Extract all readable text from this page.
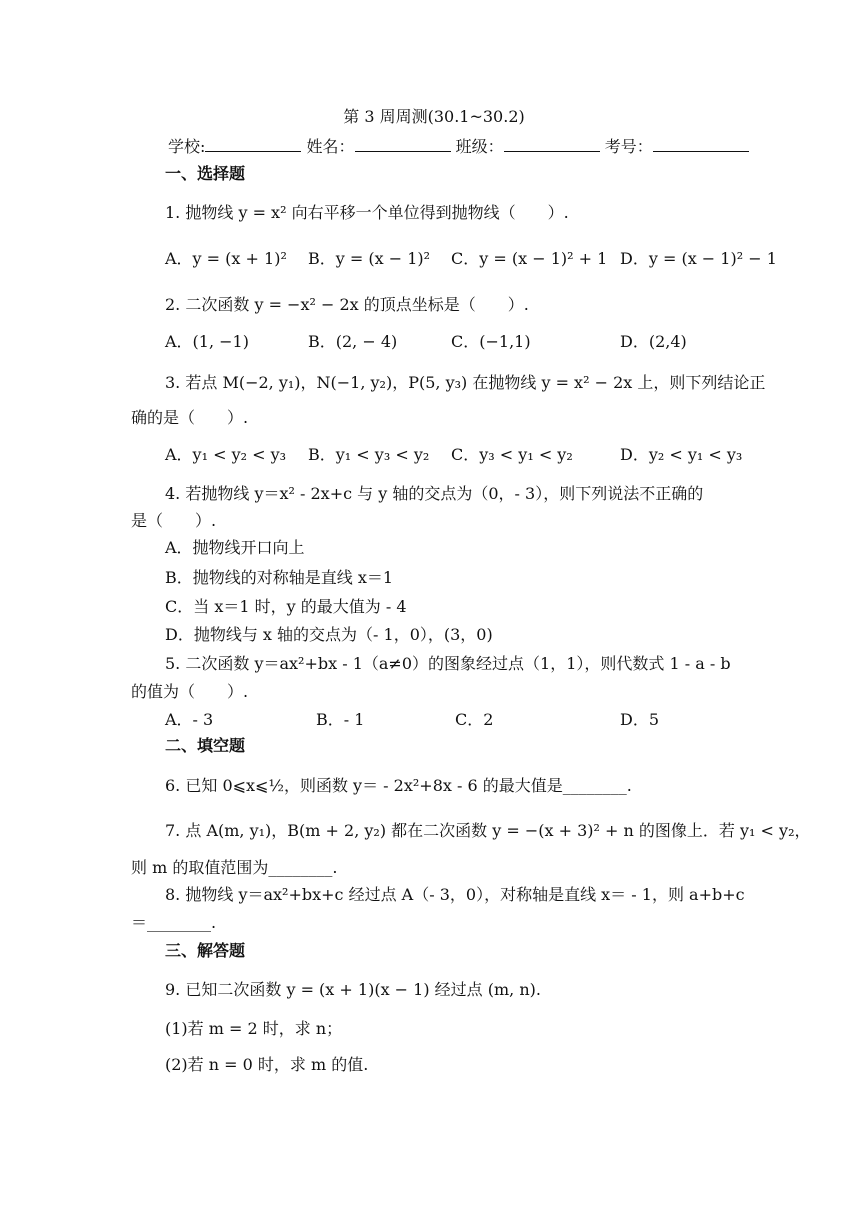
第 3 周周测(30.1~30.2)
学校:	姓名：	班级：	考号：
一、选择题
1. 抛物线 y = x² 向右平移一个单位得到抛物线（　　）.
A．y = (x + 1)² B．y = (x − 1)² C．y = (x − 1)² + 1 D．y = (x − 1)² − 1
2. 二次函数 y = −x² − 2x 的顶点坐标是（　　）.
A．(1, −1)	B．(2, − 4)	C．(−1,1)	D．(2,4)
3. 若点 M(−2, y₁)，N(−1, y₂)，P(5, y₃) 在抛物线 y = x² − 2x 上，则下列结论正
确的是（　　）.
A．y₁ < y₂ < y₃ B．y₁ < y₃ < y₂ C．y₃ < y₁ < y₂	D．y₂ < y₁ < y₃
4. 若抛物线 y＝x² ‐ 2x+c 与 y 轴的交点为（0，‐ 3），则下列说法不正确的
是（　　）.
A．抛物线开口向上
B．抛物线的对称轴是直线 x＝1
C．当 x＝1 时，y 的最大值为 ‐ 4
D．抛物线与 x 轴的交点为（‐ 1，0），(3，0)
5. 二次函数 y＝ax²+bx ‐ 1（a≠0）的图象经过点（1，1），则代数式 1 ‐ a ‐ b
的值为（　　）.
A．‐ 3	B．‐ 1	C．2	D．5
二、填空题
6. 已知 0⩽x⩽½，则函数 y＝ ‐ 2x²+8x ‐ 6 的最大值是________.
7. 点 A(m, y₁)，B(m + 2, y₂) 都在二次函数 y = −(x + 3)² + n 的图像上．若 y₁ < y₂，
则 m 的取值范围为________.
8. 抛物线 y＝ax²+bx+c 经过点 A（‐ 3，0），对称轴是直线 x＝ ‐ 1，则 a+b+c
＝________.
三、解答题
9. 已知二次函数 y = (x + 1)(x − 1) 经过点 (m, n).
(1)若 m = 2 时，求 n；
(2)若 n = 0 时，求 m 的值.
